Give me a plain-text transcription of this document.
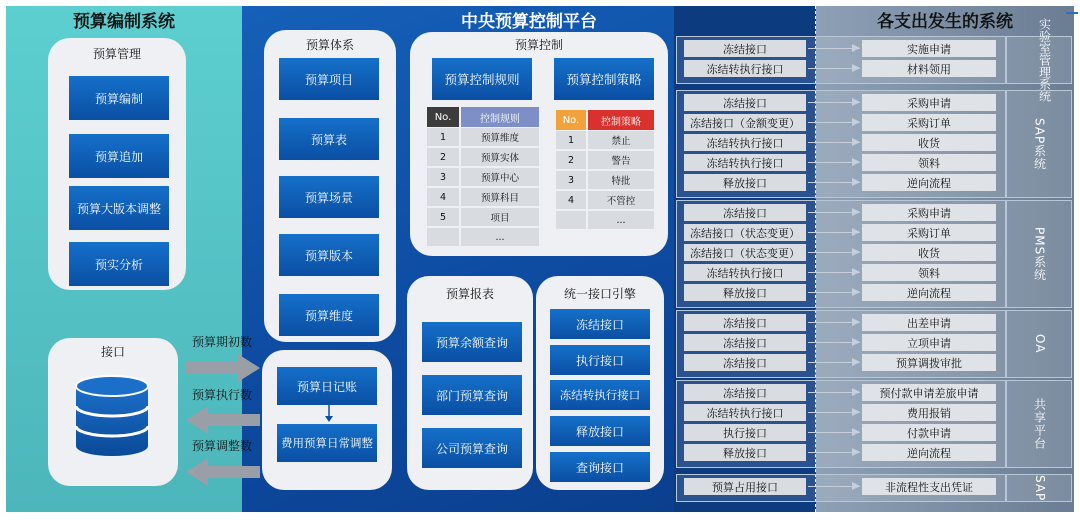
预算编制系统
预算管理
预算编制
预算追加
预算大版本调整
预实分析
接口
预算期初数
预算执行数
预算调整数
中央预算控制平台
预算体系
预算项目
预算表
预算场景
预算版本
预算维度
预算控制
预算控制规则	预算控制策略
No.	控制规则
1	预算维度
2	预算实体
3	预算中心
4	预算科目
5	项目
...
No.	控制策略
1	禁止
2	警告
3	特批
4	不管控
...
预算日记账
费用预算日常调整
预算报表
预算余额查询
部门预算查询
公司预算查询
统一接口引擎
冻结接口
执行接口
冻结转执行接口
释放接口
查询接口
各支出发生的系统
冻结接口	实施申请
冻结转执行接口	材料领用	实验室管理系统
冻结接口	采购申请
冻结接口（金额变更）	采购订单
冻结转执行接口	收货
冻结转执行接口	领料
释放接口	逆向流程
SAP系统
冻结接口	采购申请
冻结接口（状态变更）	采购订单
冻结接口（状态变更）	收货
冻结转执行接口	领料
释放接口	逆向流程
PMS系统
冻结接口	出差申请
冻结接口	立项申请
冻结接口	预算调拨审批
OA
冻结接口	预付款申请差旅申请
冻结转执行接口	费用报销
执行接口	付款申请
释放接口	逆向流程
共享平台
预算占用接口	非流程性支出凭证	SAP
